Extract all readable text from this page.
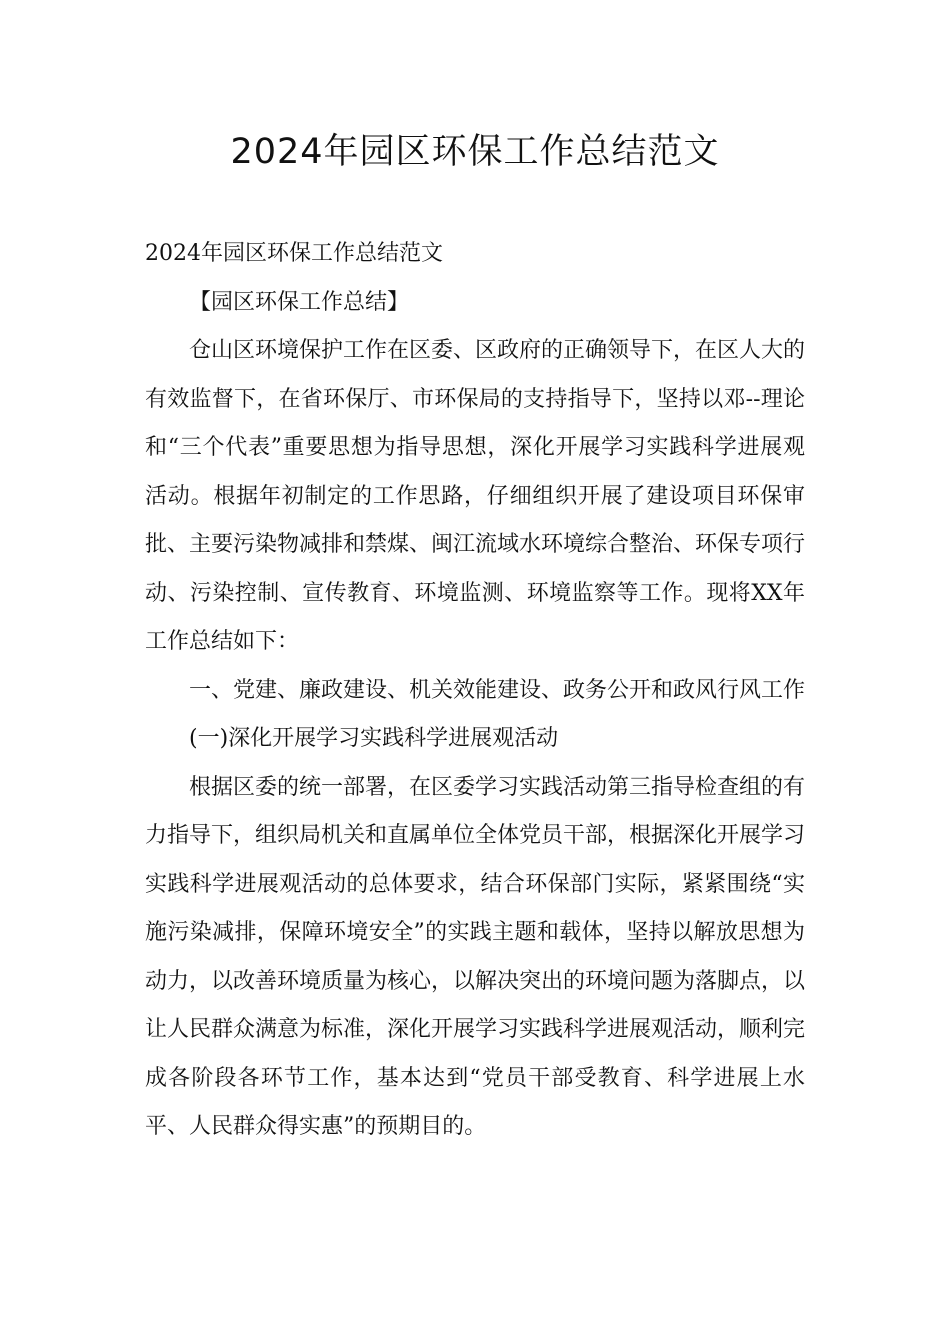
2024年园区环保工作总结范文

2024年园区环保工作总结范文

【园区环保工作总结】

仓山区环境保护工作在区委、区政府的正确领导下，在区人大的有效监督下，在省环保厅、市环保局的支持指导下，坚持以邓--理论和“三个代表”重要思想为指导思想，深化开展学习实践科学进展观活动。根据年初制定的工作思路，仔细组织开展了建设项目环保审批、主要污染物减排和禁煤、闽江流域水环境综合整治、环保专项行动、污染控制、宣传教育、环境监测、环境监察等工作。现将XX年工作总结如下：

一、党建、廉政建设、机关效能建设、政务公开和政风行风工作

(一)深化开展学习实践科学进展观活动

根据区委的统一部署，在区委学习实践活动第三指导检查组的有力指导下，组织局机关和直属单位全体党员干部，根据深化开展学习实践科学进展观活动的总体要求，结合环保部门实际，紧紧围绕“实施污染减排，保障环境安全”的实践主题和载体，坚持以解放思想为动力，以改善环境质量为核心，以解决突出的环境问题为落脚点，以让人民群众满意为标准，深化开展学习实践科学进展观活动，顺利完成各阶段各环节工作，基本达到“党员干部受教育、科学进展上水平、人民群众得实惠”的预期目的。
